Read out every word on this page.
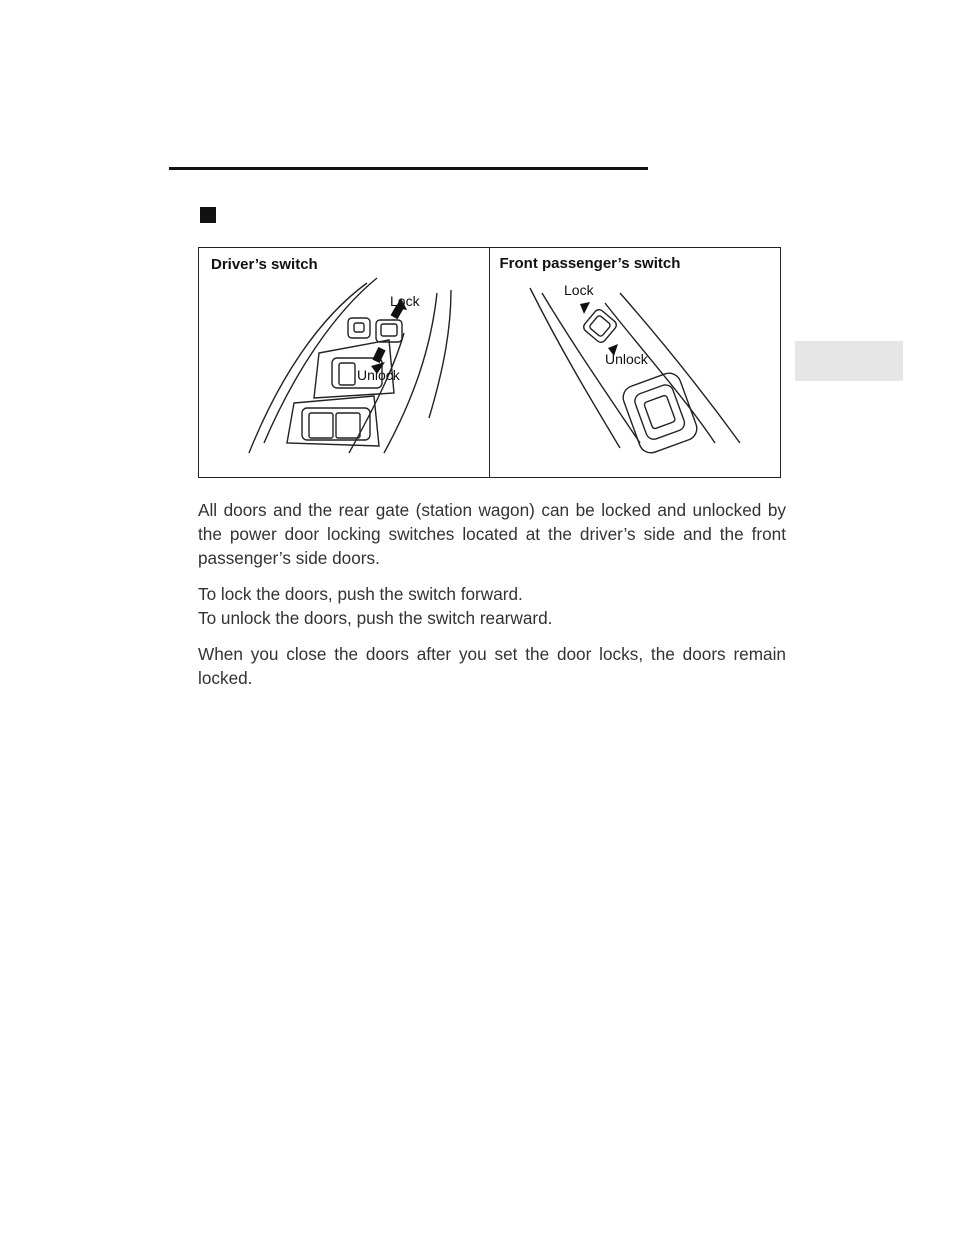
Driver’s switch
Lock
Unlock
Front passenger’s switch
Lock
Unlock

All doors and the rear gate (station wagon) can be locked and unlocked by the power door locking switches located at the driver’s side and the front passenger’s side doors.

To lock the doors, push the switch forward.
To unlock the doors, push the switch rearward.

When you close the doors after you set the door locks, the doors remain locked.
